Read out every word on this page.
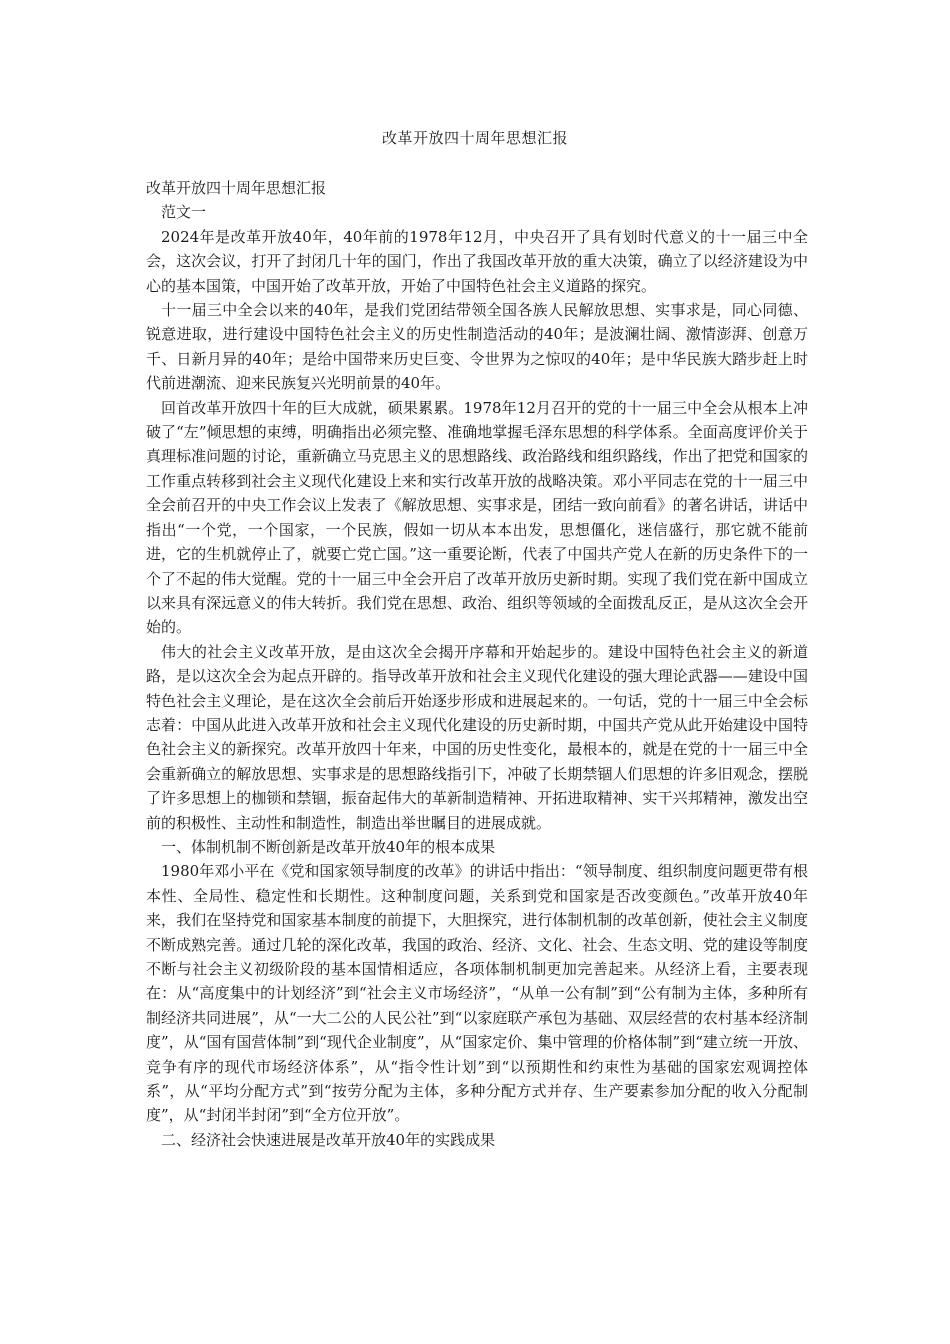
改革开放四十周年思想汇报

改革开放四十周年思想汇报

范文一

2024年是改革开放40年，40年前的1978年12月，中央召开了具有划时代意义的十一届三中全会，这次会议，打开了封闭几十年的国门，作出了我国改革开放的重大决策，确立了以经济建设为中心的基本国策，中国开始了改革开放，开始了中国特色社会主义道路的探究。

十一届三中全会以来的40年，是我们党团结带领全国各族人民解放思想、实事求是，同心同德、锐意进取，进行建设中国特色社会主义的历史性制造活动的40年；是波澜壮阔、激情澎湃、创意万千、日新月异的40年；是给中国带来历史巨变、令世界为之惊叹的40年；是中华民族大踏步赶上时代前进潮流、迎来民族复兴光明前景的40年。

回首改革开放四十年的巨大成就，硕果累累。1978年12月召开的党的十一届三中全会从根本上冲破了“左”倾思想的束缚，明确指出必须完整、准确地掌握毛泽东思想的科学体系。全面高度评价关于真理标准问题的讨论，重新确立马克思主义的思想路线、政治路线和组织路线，作出了把党和国家的工作重点转移到社会主义现代化建设上来和实行改革开放的战略决策。邓小平同志在党的十一届三中全会前召开的中央工作会议上发表了《解放思想、实事求是，团结一致向前看》的著名讲话，讲话中指出“一个党，一个国家，一个民族，假如一切从本本出发，思想僵化，迷信盛行，那它就不能前进，它的生机就停止了，就要亡党亡国。”这一重要论断，代表了中国共产党人在新的历史条件下的一个了不起的伟大觉醒。党的十一届三中全会开启了改革开放历史新时期。实现了我们党在新中国成立以来具有深远意义的伟大转折。我们党在思想、政治、组织等领域的全面拨乱反正，是从这次全会开始的。

伟大的社会主义改革开放，是由这次全会揭开序幕和开始起步的。建设中国特色社会主义的新道路，是以这次全会为起点开辟的。指导改革开放和社会主义现代化建设的强大理论武器——建设中国特色社会主义理论，是在这次全会前后开始逐步形成和进展起来的。一句话，党的十一届三中全会标志着：中国从此进入改革开放和社会主义现代化建设的历史新时期，中国共产党从此开始建设中国特色社会主义的新探究。改革开放四十年来，中国的历史性变化，最根本的，就是在党的十一届三中全会重新确立的解放思想、实事求是的思想路线指引下，冲破了长期禁锢人们思想的许多旧观念，摆脱了许多思想上的枷锁和禁锢，振奋起伟大的革新制造精神、开拓进取精神、实干兴邦精神，激发出空前的积极性、主动性和制造性，制造出举世瞩目的进展成就。

一、体制机制不断创新是改革开放40年的根本成果

1980年邓小平在《党和国家领导制度的改革》的讲话中指出：“领导制度、组织制度问题更带有根本性、全局性、稳定性和长期性。这种制度问题，关系到党和国家是否改变颜色。”改革开放40年来，我们在坚持党和国家基本制度的前提下，大胆探究，进行体制机制的改革创新，使社会主义制度不断成熟完善。通过几轮的深化改革，我国的政治、经济、文化、社会、生态文明、党的建设等制度不断与社会主义初级阶段的基本国情相适应，各项体制机制更加完善起来。从经济上看，主要表现在：从“高度集中的计划经济”到“社会主义市场经济”，“从单一公有制”到“公有制为主体，多种所有制经济共同进展”，从“一大二公的人民公社”到“以家庭联产承包为基础、双层经营的农村基本经济制度”，从“国有国营体制”到“现代企业制度”，从“国家定价、集中管理的价格体制”到“建立统一开放、竞争有序的现代市场经济体系”，从“指令性计划”到“以预期性和约束性为基础的国家宏观调控体系”，从“平均分配方式”到“按劳分配为主体，多种分配方式并存、生产要素参加分配的收入分配制度”，从“封闭半封闭”到“全方位开放”。

二、经济社会快速进展是改革开放40年的实践成果
